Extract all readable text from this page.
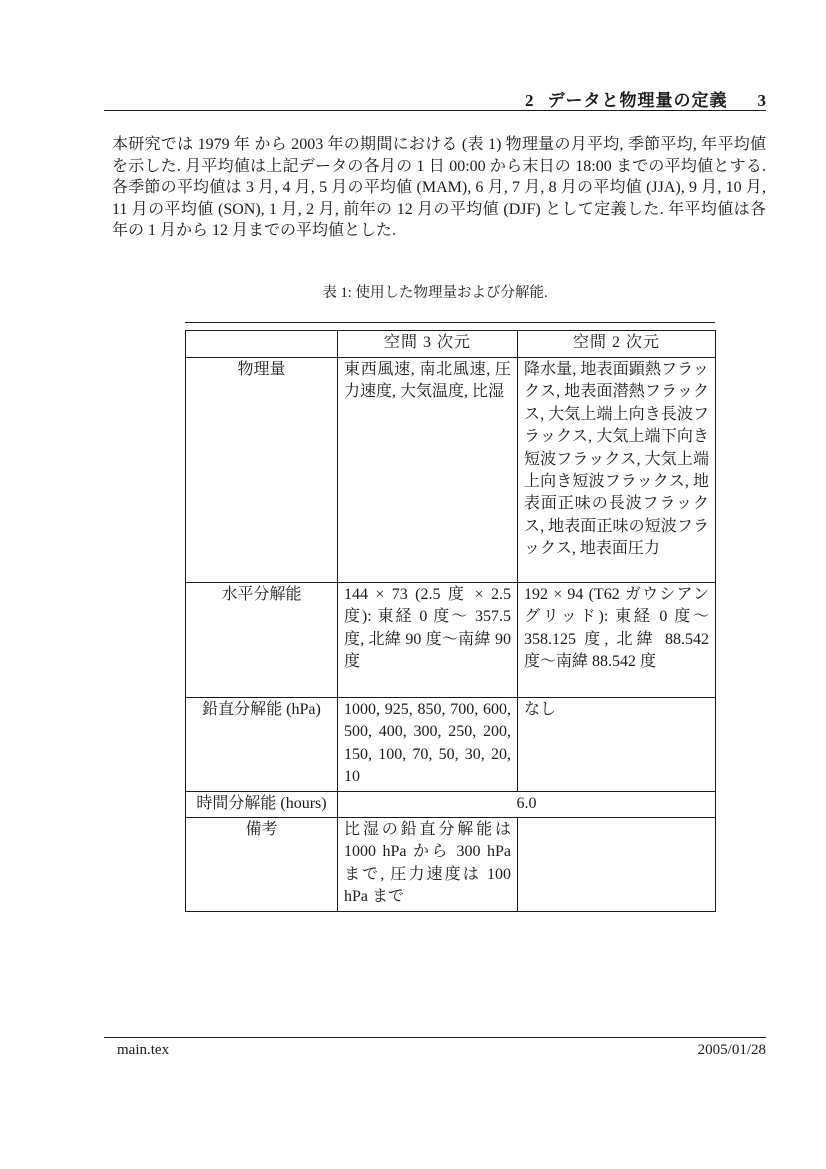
2 データと物理量の定義 3

本研究では 1979 年 から 2003 年の期間における (表 1) 物理量の月平均, 季節平均, 年平均値を示した. 月平均値は上記データの各月の 1 日 00:00 から末日の 18:00 までの平均値とする. 各季節の平均値は 3 月, 4 月, 5 月の平均値 (MAM), 6 月, 7 月, 8 月の平均値 (JJA), 9 月, 10 月, 11 月の平均値 (SON), 1 月, 2 月, 前年の 12 月の平均値 (DJF) として定義した. 年平均値は各年の 1 月から 12 月までの平均値とした.

表 1: 使用した物理量および分解能.
	空間 3 次元	空間 2 次元
物理量	東西風速, 南北風速, 圧力速度, 大気温度, 比湿	降水量, 地表面顕熱フラックス, 地表面潜熱フラックス, 大気上端上向き長波フラックス, 大気上端下向き短波フラックス, 大気上端上向き短波フラックス, 地表面正味の長波フラックス, 地表面正味の短波フラックス, 地表面圧力
水平分解能	144 × 73 (2.5 度 × 2.5 度): 東経 0 度〜 357.5 度, 北緯 90 度〜南緯 90 度	192 × 94 (T62 ガウシアングリッド): 東経 0 度〜358.125 度, 北緯 88.542 度〜南緯 88.542 度
鉛直分解能 (hPa)	1000, 925, 850, 700, 600, 500, 400, 300, 250, 200, 150, 100, 70, 50, 30, 20, 10	なし
時間分解能 (hours)	6.0	
備考	比湿の鉛直分解能は 1000 hPa から 300 hPa まで, 圧力速度は 100 hPa まで	
main.tex	2005/01/28
